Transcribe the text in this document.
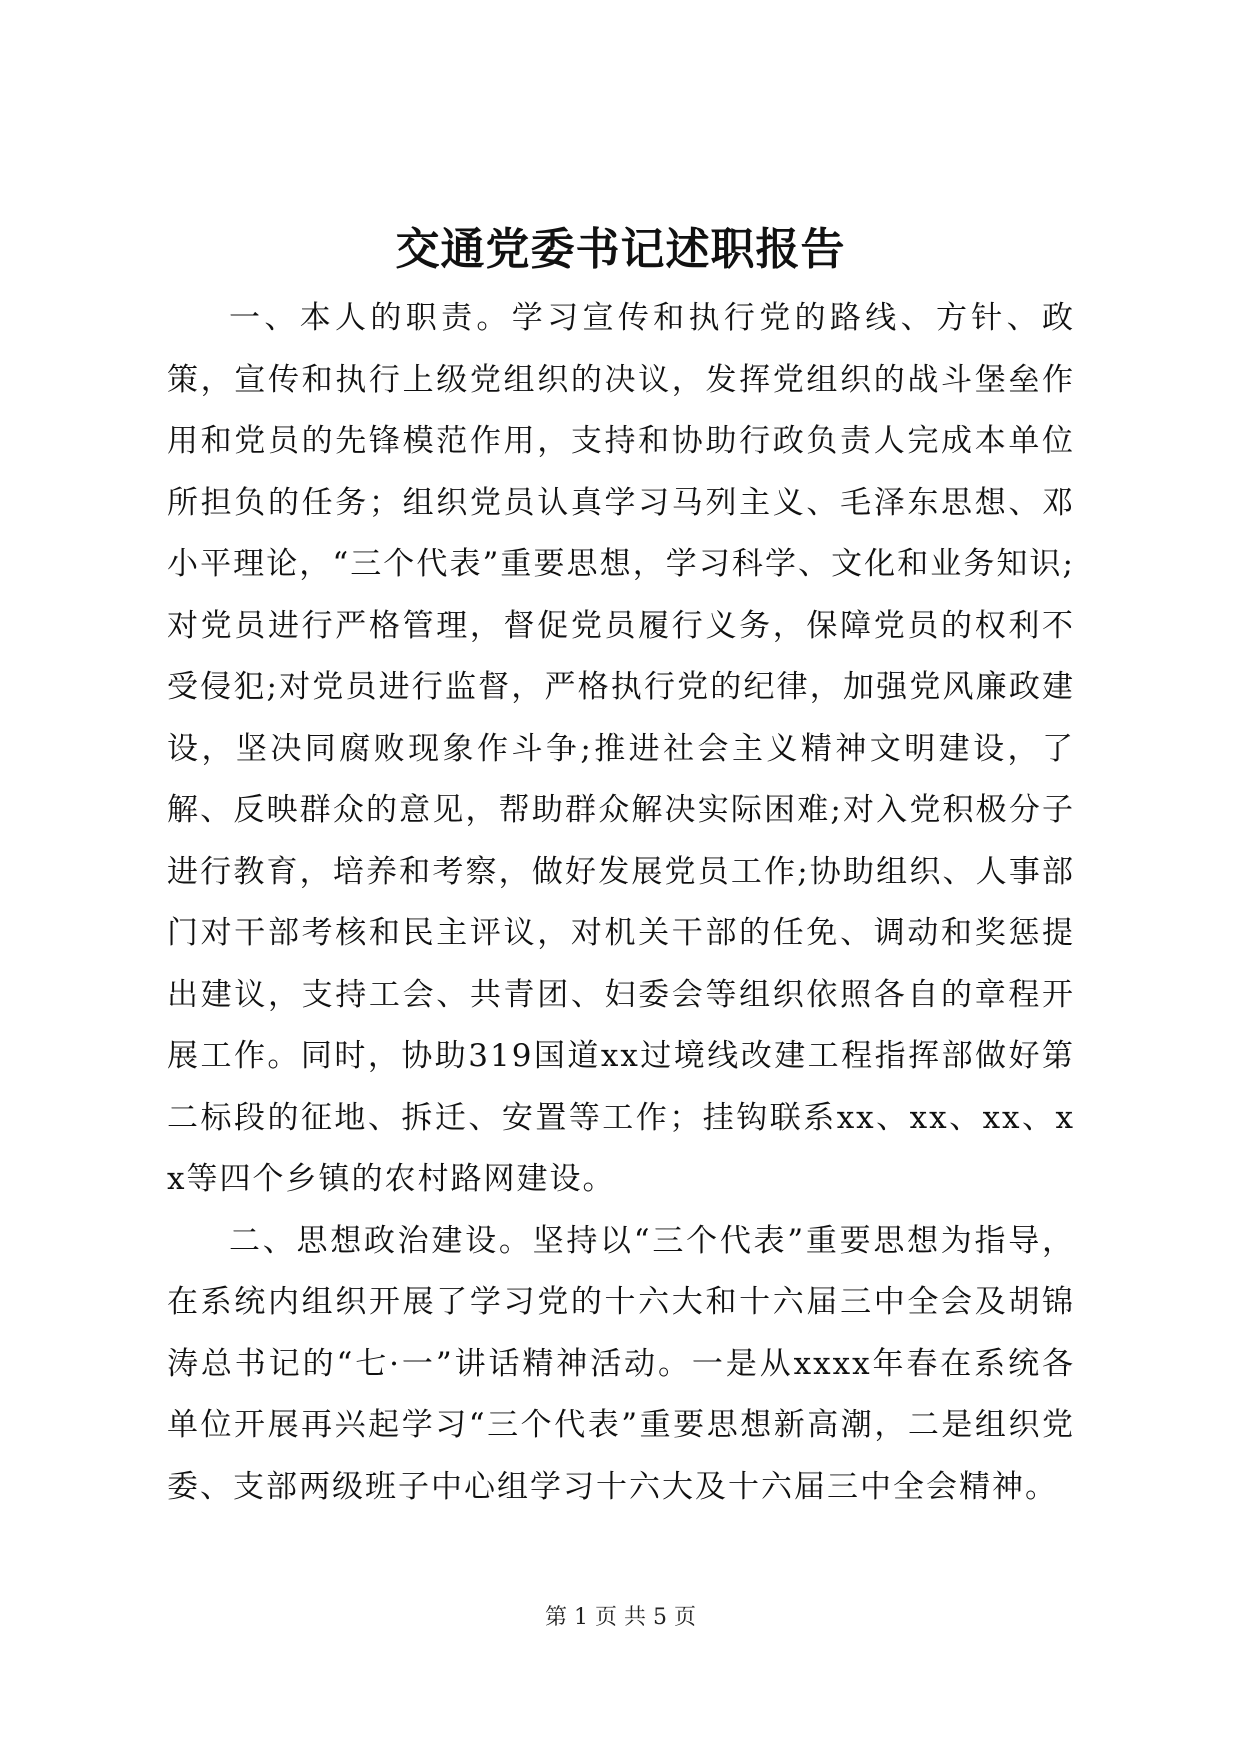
交通党委书记述职报告

一、本人的职责。学习宣传和执行党的路线、方针、政策，宣传和执行上级党组织的决议，发挥党组织的战斗堡垒作用和党员的先锋模范作用，支持和协助行政负责人完成本单位所担负的任务；组织党员认真学习马列主义、毛泽东思想、邓小平理论，“三个代表”重要思想，学习科学、文化和业务知识;对党员进行严格管理，督促党员履行义务，保障党员的权利不受侵犯;对党员进行监督，严格执行党的纪律，加强党风廉政建设，坚决同腐败现象作斗争;推进社会主义精神文明建设，了解、反映群众的意见，帮助群众解决实际困难;对入党积极分子进行教育，培养和考察，做好发展党员工作;协助组织、人事部门对干部考核和民主评议，对机关干部的任免、调动和奖惩提出建议，支持工会、共青团、妇委会等组织依照各自的章程开展工作。同时，协助319国道xx过境线改建工程指挥部做好第二标段的征地、拆迁、安置等工作；挂钩联系xx、xx、xx、xx等四个乡镇的农村路网建设。

二、思想政治建设。坚持以“三个代表”重要思想为指导，在系统内组织开展了学习党的十六大和十六届三中全会及胡锦涛总书记的“七·一”讲话精神活动。一是从xxxx年春在系统各单位开展再兴起学习“三个代表”重要思想新高潮，二是组织党委、支部两级班子中心组学习十六大及十六届三中全会精神。

第 1 页 共 5 页
